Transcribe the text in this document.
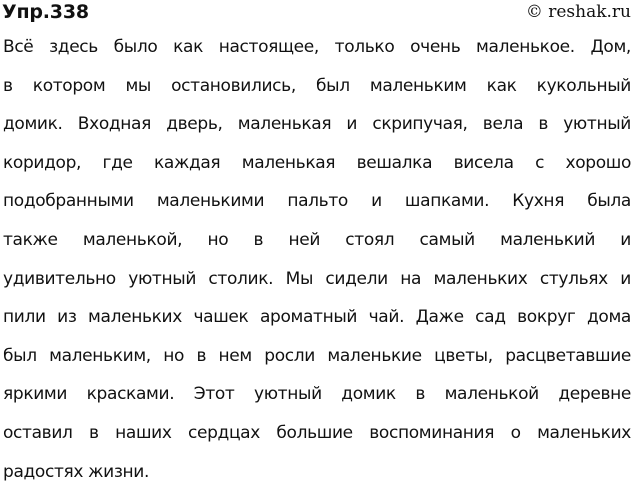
Упр.338	© reshak.ru
Всё здесь было как настоящее, только очень маленькое. Дом,
в котором мы остановились, был маленьким как кукольный
домик. Входная дверь, маленькая и скрипучая, вела в уютный
коридор, где каждая маленькая вешалка висела с хорошо
подобранными маленькими пальто и шапками. Кухня была
также маленькой, но в ней стоял самый маленький и
удивительно уютный столик. Мы сидели на маленьких стульях и
пили из маленьких чашек ароматный чай. Даже сад вокруг дома
был маленьким, но в нем росли маленькие цветы, расцветавшие
яркими красками. Этот уютный домик в маленькой деревне
оставил в наших сердцах большие воспоминания о маленьких
радостях жизни.
